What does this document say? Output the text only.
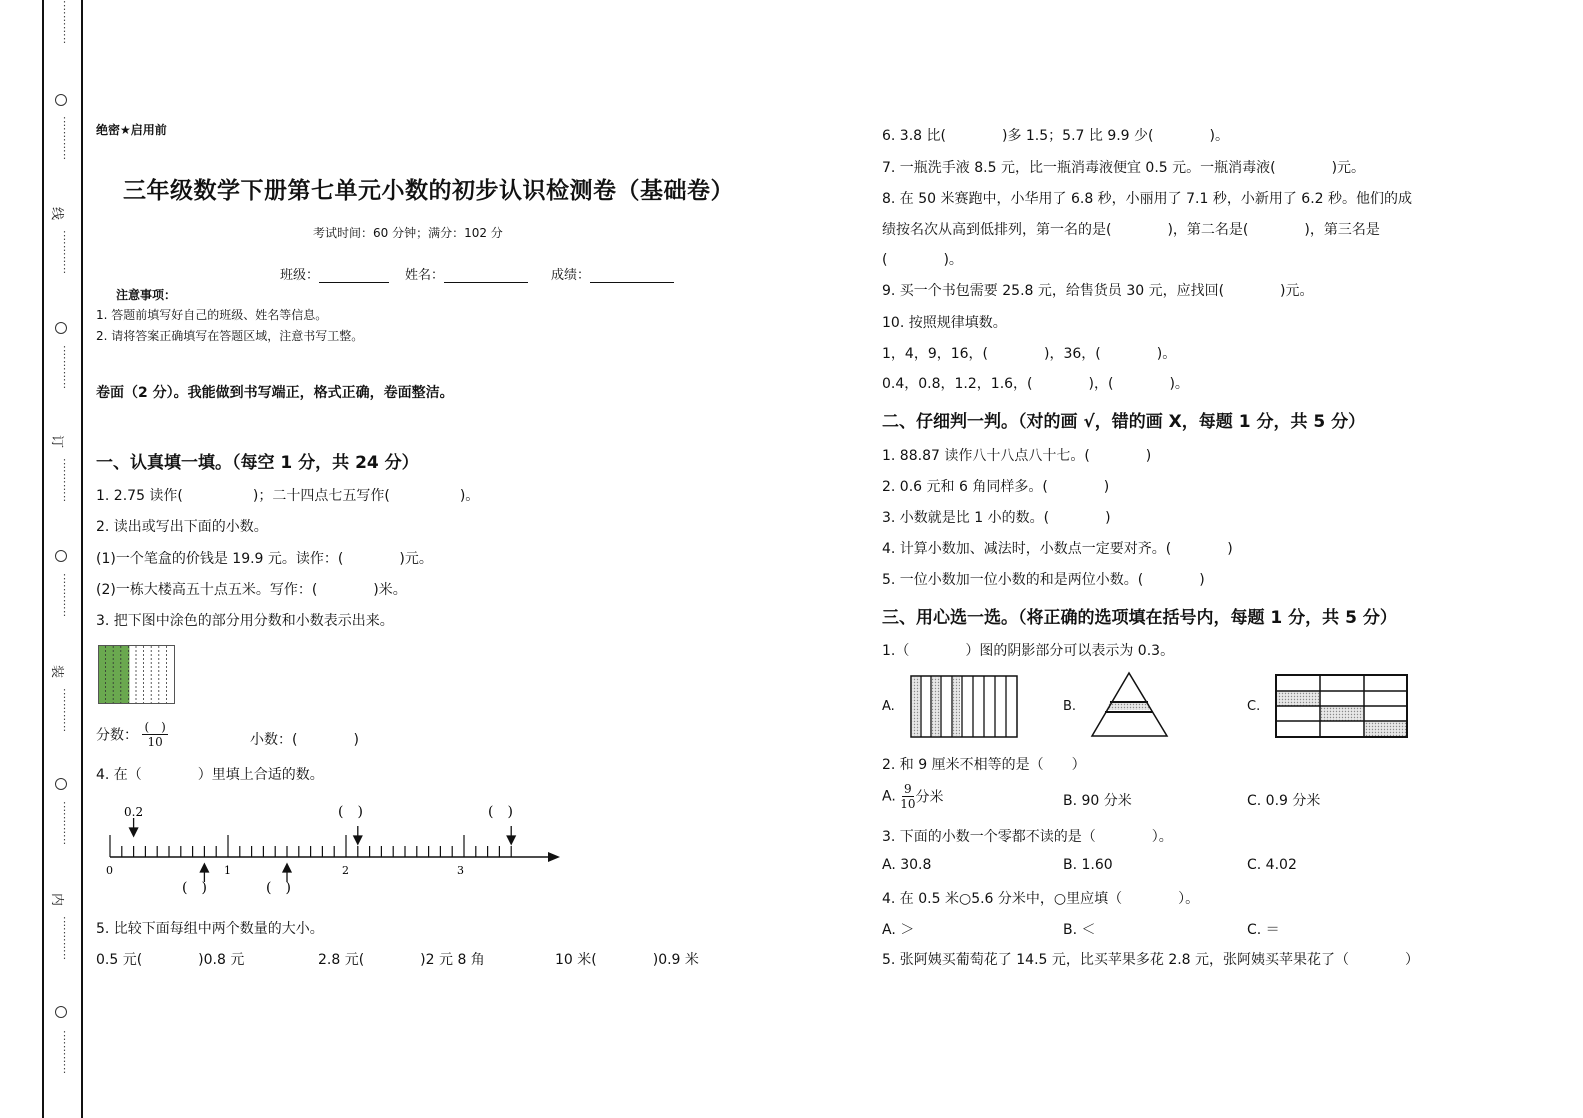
⋮
⋮
⋮
⋮
⋮
⋮
⋮
⋮
线
⋮
⋮
⋮
⋮
⋮
⋮
⋮
⋮
订
⋮
⋮
⋮
⋮
⋮
⋮
⋮
⋮
装
⋮
⋮
⋮
⋮
⋮
⋮
⋮
⋮
内
⋮
⋮
⋮
⋮
⋮
⋮
⋮
⋮
绝密★启用前
三年级数学下册第七单元小数的初步认识检测卷（基础卷）
考试时间：60 分钟；满分：102 分
班级：	姓名：	成绩：
注意事项：
1. 答题前填写好自己的班级、姓名等信息。
2. 请将答案正确填写在答题区域，注意书写工整。
卷面（2 分）。我能做到书写端正，格式正确，卷面整洁。
一、认真填一填。（每空 1 分，共 24 分）
1. 2.75 读作(　　　　　)；二十四点七五写作(　　　　　)。
2. 读出或写出下面的小数。
(1)一个笔盒的价钱是 19.9 元。读作：(　　　　)元。
(2)一栋大楼高五十点五米。写作：(　　　　)米。
3. 把下图中涂色的部分用分数和小数表示出来。
分数： $\frac{( )}{10}$	小数：(　　　　)
4. 在（　　　　）里填上合适的数。
0	1	2	3
0.2	(　)	(　)
(　)	(　)
5. 比较下面每组中两个数量的大小。
0.5 元(　　　　)0.8 元	2.8 元(　　　　)2 元 8 角	10 米(　　　　)0.9 米
6. 3.8 比(　　　　)多 1.5；5.7 比 9.9 少(　　　　)。
7. 一瓶洗手液 8.5 元，比一瓶消毒液便宜 0.5 元。一瓶消毒液(　　　　)元。
8. 在 50 米赛跑中，小华用了 6.8 秒，小丽用了 7.1 秒，小新用了 6.2 秒。他们的成
绩按名次从高到低排列，第一名的是(　　　　)，第二名是(　　　　)，第三名是
(　　　　)。
9. 买一个书包需要 25.8 元，给售货员 30 元，应找回(　　　　)元。
10. 按照规律填数。
1，4，9，16，(　　　　)，36，(　　　　)。
0.4，0.8，1.2，1.6，(　　　　)，(　　　　)。
二、仔细判一判。（对的画 √，错的画 X，每题 1 分，共 5 分）
1. 88.87 读作八十八点八十七。(　　　　)
2. 0.6 元和 6 角同样多。(　　　　)
3. 小数就是比 1 小的数。(　　　　)
4. 计算小数加、减法时，小数点一定要对齐。(　　　　)
5. 一位小数加一位小数的和是两位小数。(　　　　)
三、用心选一选。（将正确的选项填在括号内，每题 1 分，共 5 分）
1.（　　　　）图的阴影部分可以表示为 0.3。
A.	B.	C.
2. 和 9 厘米不相等的是（　　）
A. $\frac{9}{10}$ 分米	B. 90 分米	C. 0.9 分米
3. 下面的小数一个零都不读的是（　　　　）。
A. 30.8	B. 1.60	C. 4.02
4. 在 0.5 米○5.6 分米中，○里应填（　　　　）。
A. ＞	B. ＜	C. ＝
5. 张阿姨买葡萄花了 14.5 元，比买苹果多花 2.8 元，张阿姨买苹果花了（　　　　）
